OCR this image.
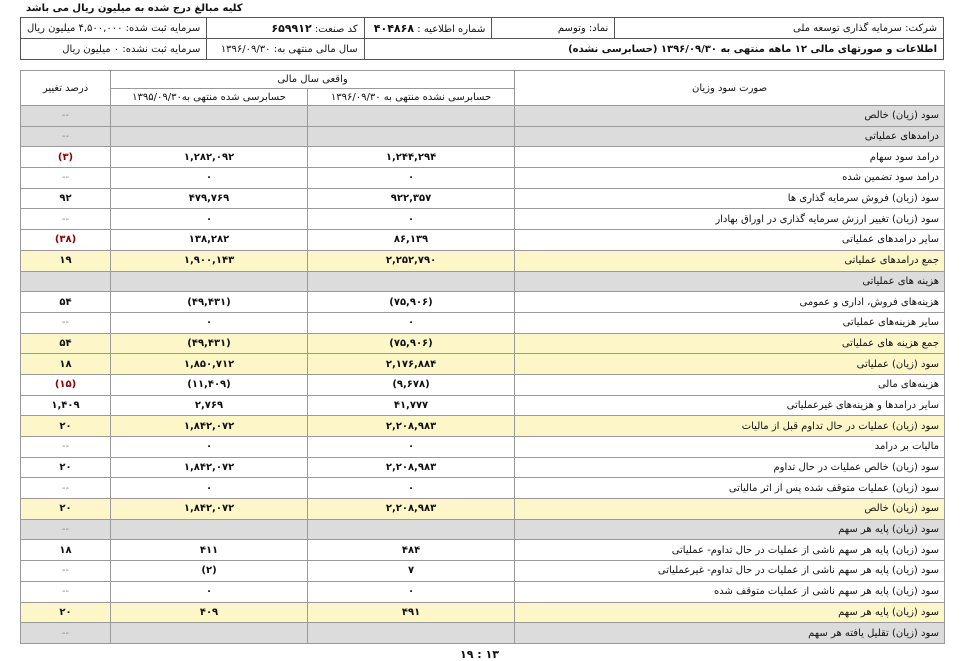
کلیه مبالغ درج شده به میلیون ریال می باشد
شرکت: سرمایه گذاری توسعه ملی	نماد: وتوسم	شماره اطلاعیه : ۴۰۴۸۶۸	کد صنعت: ۶۵۹۹۱۲	سرمایه ثبت شده: ۴,۵۰۰,۰۰۰ میلیون ریال
اطلاعات و صورتهای مالی ۱۲ ماهه منتهی به ۱۳۹۶/۰۹/۳۰ (حسابرسی نشده)			سال مالی منتهی به: ۱۳۹۶/۰۹/۳۰	سرمایه ثبت نشده: ۰ میلیون ریال
صورت سود وزیان	واقعی سال مالی		درصد تغییر
	حسابرسی نشده منتهی به ۱۳۹۶/۰۹/۳۰	حسابرسی شده منتهی به۱۳۹۵/۰۹/۳۰	
سود (زیان) خالص			--
درامدهای عملیاتی			--
درامد سود سهام	۱,۲۴۴,۲۹۴	۱,۲۸۲,۰۹۲	(۳)
درامد سود تضمین شده	۰	۰	--
سود (زیان) فروش سرمایه گذاری ها	۹۲۲,۳۵۷	۴۷۹,۷۶۹	۹۲
سود (زیان) تغییر ارزش سرمایه گذاری در اوراق بهادار	۰	۰	--
سایر درامدهای عملیاتی	۸۶,۱۳۹	۱۳۸,۲۸۲	(۳۸)
جمع درامدهای عملیاتی	۲,۲۵۲,۷۹۰	۱,۹۰۰,۱۴۳	۱۹
هزینه های عملیاتی			
هزینه‌های فروش، اداری و عمومی	(۷۵,۹۰۶)	(۴۹,۴۳۱)	۵۴
سایر هزینه‌های عملیاتی	۰	۰	--
جمع هزینه های عملیاتی	(۷۵,۹۰۶)	(۴۹,۴۳۱)	۵۴
سود (زیان) عملیاتی	۲,۱۷۶,۸۸۴	۱,۸۵۰,۷۱۲	۱۸
هزینه‌های مالی	(۹,۶۷۸)	(۱۱,۴۰۹)	(۱۵)
سایر درامدها و هزینه‌های غیرعملیاتی	۴۱,۷۷۷	۲,۷۶۹	۱,۴۰۹
سود (زیان) عملیات در حال تداوم قبل از مالیات	۲,۲۰۸,۹۸۳	۱,۸۴۲,۰۷۲	۲۰
مالیات بر درامد	۰	۰	--
سود (زیان) خالص عملیات در حال تداوم	۲,۲۰۸,۹۸۳	۱,۸۴۲,۰۷۲	۲۰
سود (زیان) عملیات متوقف شده پس از اثر مالیاتی	۰	۰	--
سود (زیان) خالص	۲,۲۰۸,۹۸۳	۱,۸۴۲,۰۷۲	۲۰
سود (زیان) پایه هر سهم			--
سود (زیان) پایه هر سهم ناشی از عملیات در حال تداوم- عملیاتی	۴۸۴	۴۱۱	۱۸
سود (زیان) پایه هر سهم ناشی از عملیات در حال تداوم- غیرعملیاتی	۷	(۲)	--
سود (زیان) پایه هر سهم ناشی از عملیات متوقف شده	۰	۰	--
سود (زیان) پایه هر سهم	۴۹۱	۴۰۹	۲۰
سود (زیان) تقلیل یافته هر سهم			--
۱۹ : ۱۳
